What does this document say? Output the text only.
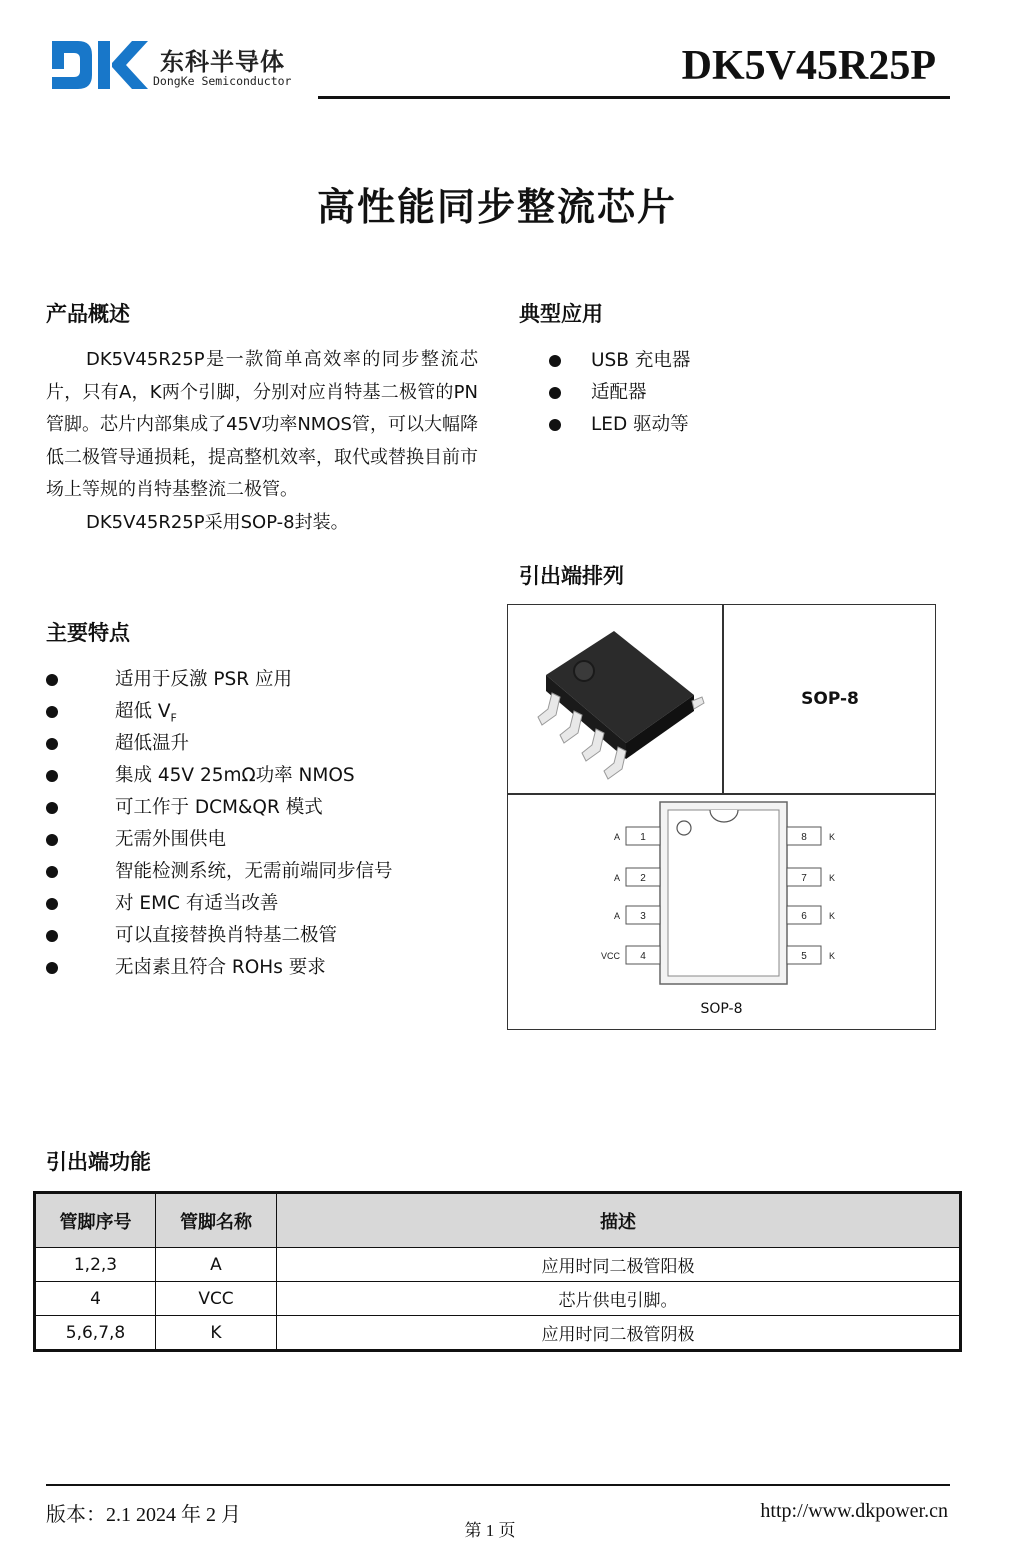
东科半导体
DongKe Semiconductor	DK5V45R25P
高性能同步整流芯片
产品概述

DK5V45R25P是一款简单高效率的同步整流芯片，只有A，K两个引脚，分别对应肖特基二极管的PN管脚。芯片内部集成了45V功率NMOS管，可以大幅降低二极管导通损耗，提高整机效率，取代或替换目前市场上等规的肖特基整流二极管。

DK5V45R25P采用SOP-8封装。

典型应用
USB 充电器
适配器
LED 驱动等
主要特点
适用于反激 PSR 应用
超低 $V_F$
超低温升
集成 45V 25mΩ功率 NMOS
可工作于 DCM&QR 模式
无需外围供电
智能检测系统，无需前端同步信号
对 EMC 有适当改善
可以直接替换肖特基二极管
无卤素且符合 ROHs 要求
引出端排列
SOP-8
1
A
2
A
3
A
4
VCC
8 K
7 K
6 K
5 K
SOP-8
引出端功能
管脚序号	管脚名称	描述
1,2,3	A	应用时同二极管阳极
4	VCC	芯片供电引脚。
5,6,7,8	K	应用时同二极管阴极
版本：2.1 2024 年 2 月
第 1 页
http://www.dkpower.cn
